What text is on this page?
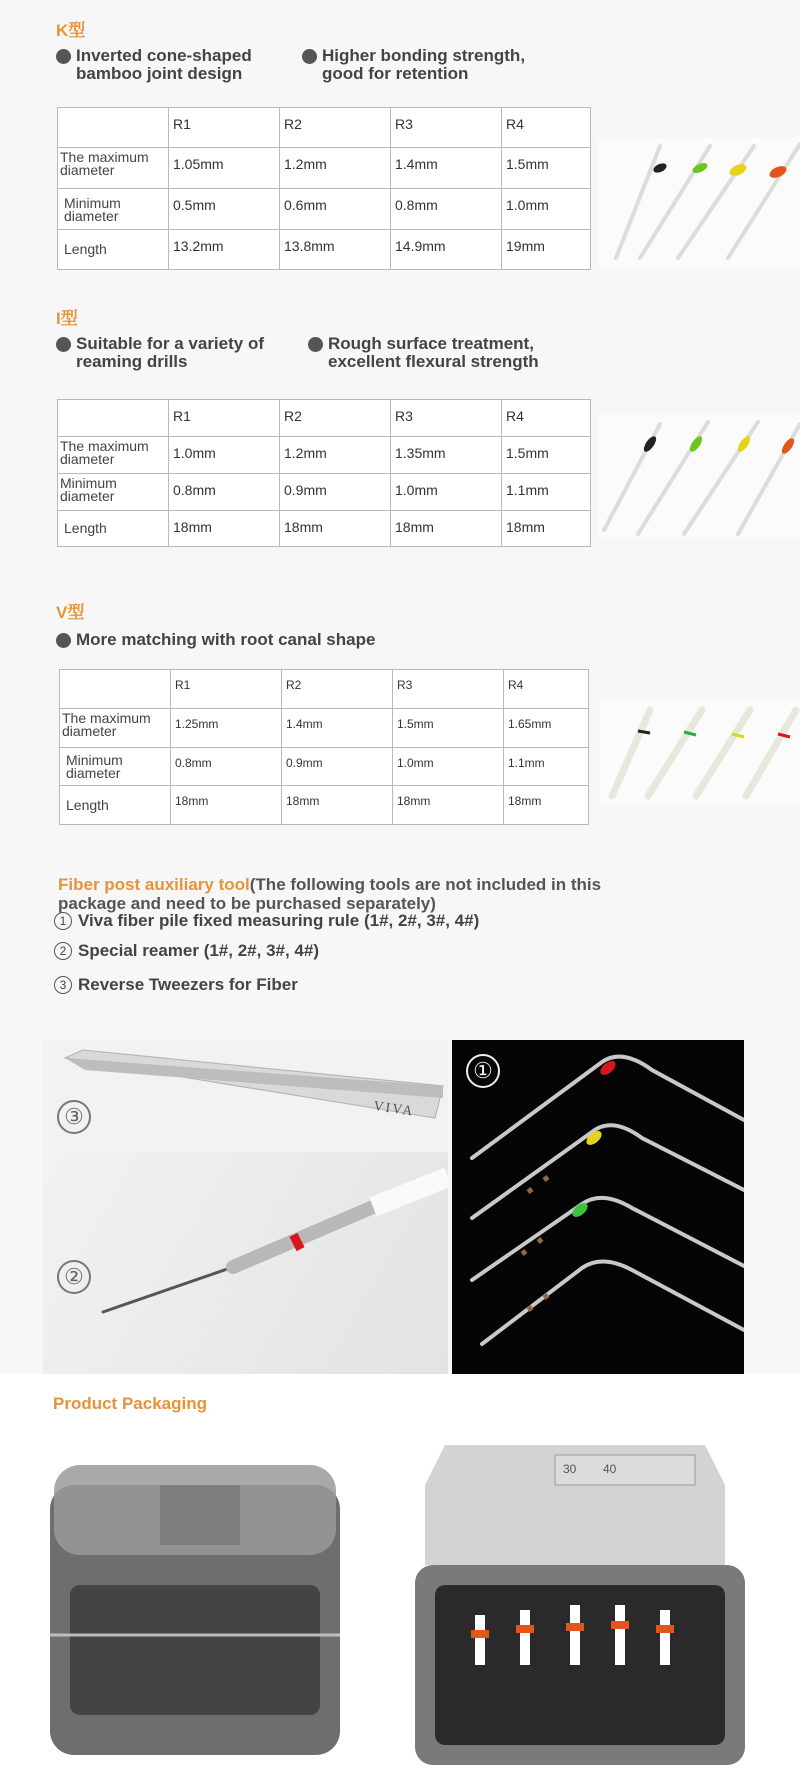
K型
Inverted cone-shaped
bamboo joint design
Higher bonding strength,
good for retention
	R1	R2	R3	R4
The maximum
diameter	1.05mm	1.2mm	1.4mm	1.5mm
Minimum
diameter	0.5mm	0.6mm	0.8mm	1.0mm
Length	13.2mm	13.8mm	14.9mm	19mm
I型
Suitable for a variety of
reaming drills
Rough surface treatment,
excellent flexural strength
	R1	R2	R3	R4
The maximum
diameter	1.0mm	1.2mm	1.35mm	1.5mm
Minimum
diameter	0.8mm	0.9mm	1.0mm	1.1mm
Length	18mm	18mm	18mm	18mm
V型
More matching with root canal shape
	R1	R2	R3	R4
The maximum
diameter	1.25mm	1.4mm	1.5mm	1.65mm
Minimum
diameter	0.8mm	0.9mm	1.0mm	1.1mm
Length	18mm	18mm	18mm	18mm
Fiber post auxiliary tool(The following tools are not included in this package and need to be purchased separately)
1 Viva fiber pile fixed measuring rule (1#, 2#, 3#, 4#)
2 Special reamer (1#, 2#, 3#, 4#)
3 Reverse Tweezers for Fiber
VIVA
③
②
①
Product Packaging
30 40
